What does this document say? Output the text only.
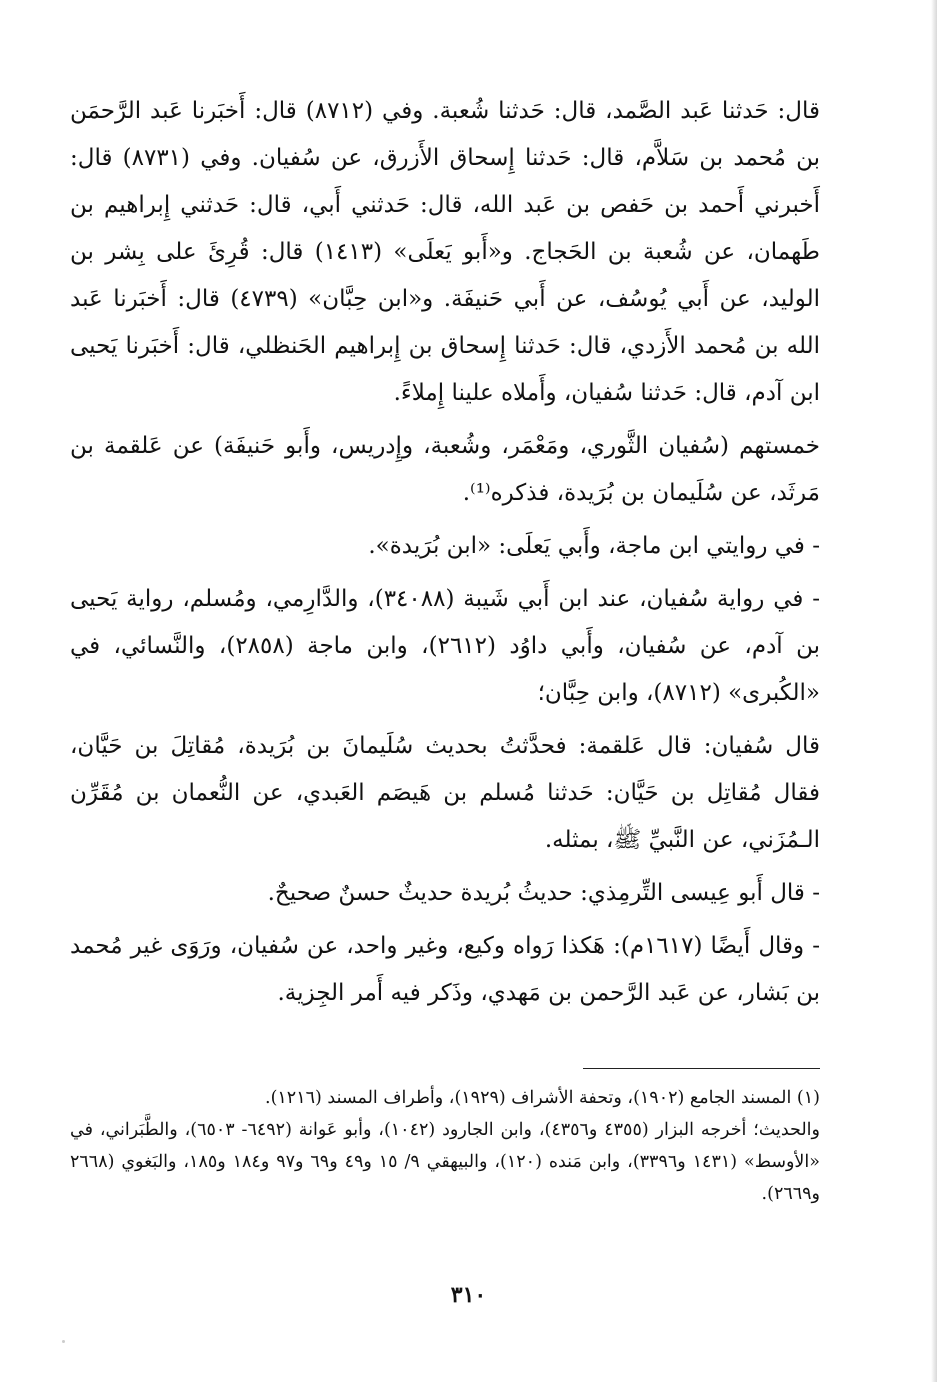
قال: حَدثنا عَبد الصَّمد، قال: حَدثنا شُعبة. وفي (٨٧١٢) قال: أَخبَرنا عَبد الرَّحمَن بن مُحمد بن سَلاَّم، قال: حَدثنا إِسحاق الأَزرق، عن سُفيان. وفي (٨٧٣١) قال: أَخبرني أَحمد بن حَفص بن عَبد الله، قال: حَدثني أَبي، قال: حَدثني إِبراهيم بن طَهمان، عن شُعبة بن الحَجاج. و«أَبو يَعلَى» (١٤١٣) قال: قُرِئَ على بِشر بن الوليد، عن أَبي يُوسُف، عن أَبي حَنيفَة. و«ابن حِبَّان» (٤٧٣٩) قال: أَخبَرنا عَبد الله بن مُحمد الأَزدي، قال: حَدثنا إِسحاق بن إِبراهيم الحَنظلي، قال: أَخبَرنا يَحيى ابن آدم، قال: حَدثنا سُفيان، وأَملاه علينا إِملاءً.

خمستهم (سُفيان الثَّوري، ومَعْمَر، وشُعبة، وإِدريس، وأَبو حَنيفَة) عن عَلقمة بن مَرثَد، عن سُلَيمان بن بُرَيدة، فذكره⁽¹⁾.

- في روايتي ابن ماجة، وأَبي يَعلَى: «ابن بُرَيدة».

- في رواية سُفيان، عند ابن أَبي شَيبة (٣٤٠٨٨)، والدَّارِمي، ومُسلم، رواية يَحيى بن آدم، عن سُفيان، وأَبي داوُد (٢٦١٢)، وابن ماجة (٢٨٥٨)، والنَّسائي، في «الكُبرى» (٨٧١٢)، وابن حِبَّان؛

قال سُفيان: قال عَلقمة: فحدَّثتُ بحديث سُلَيمانَ بن بُرَيدة، مُقاتِلَ بن حَيَّان، فقال مُقاتِل بن حَيَّان: حَدثنا مُسلم بن هَيصَم العَبدي، عن النُّعمان بن مُقَرِّن الـمُزَني، عن النَّبيِّ ﷺ، بمثله.

- قال أَبو عِيسى التِّرمِذي: حديثُ بُريدة حديثٌ حسنٌ صحيحٌ.

- وقال أَيضًا (١٦١٧م): هَكذا رَواه وكيع، وغير واحد، عن سُفيان، ورَوَى غير مُحمد بن بَشار، عن عَبد الرَّحمن بن مَهدي، وذَكر فيه أَمر الجِزية.

(١) المسند الجامع (١٩٠٢)، وتحفة الأشراف (١٩٢٩)، وأطراف المسند (١٢١٦).

والحديث؛ أخرجه البزار (٤٣٥٥ و٤٣٥٦)، وابن الجارود (١٠٤٢)، وأبو عَوانة (٦٤٩٢- ٦٥٠٣)، والطَّبَراني، في «الأوسط» (١٤٣١ و٣٣٩٦)، وابن مَنده (١٢٠)، والبيهقي ٩/ ١٥ و٤٩ و٦٩ و٩٧ و١٨٤ و١٨٥، والبَغوي (٢٦٦٨ و٢٦٦٩).

٣١٠
